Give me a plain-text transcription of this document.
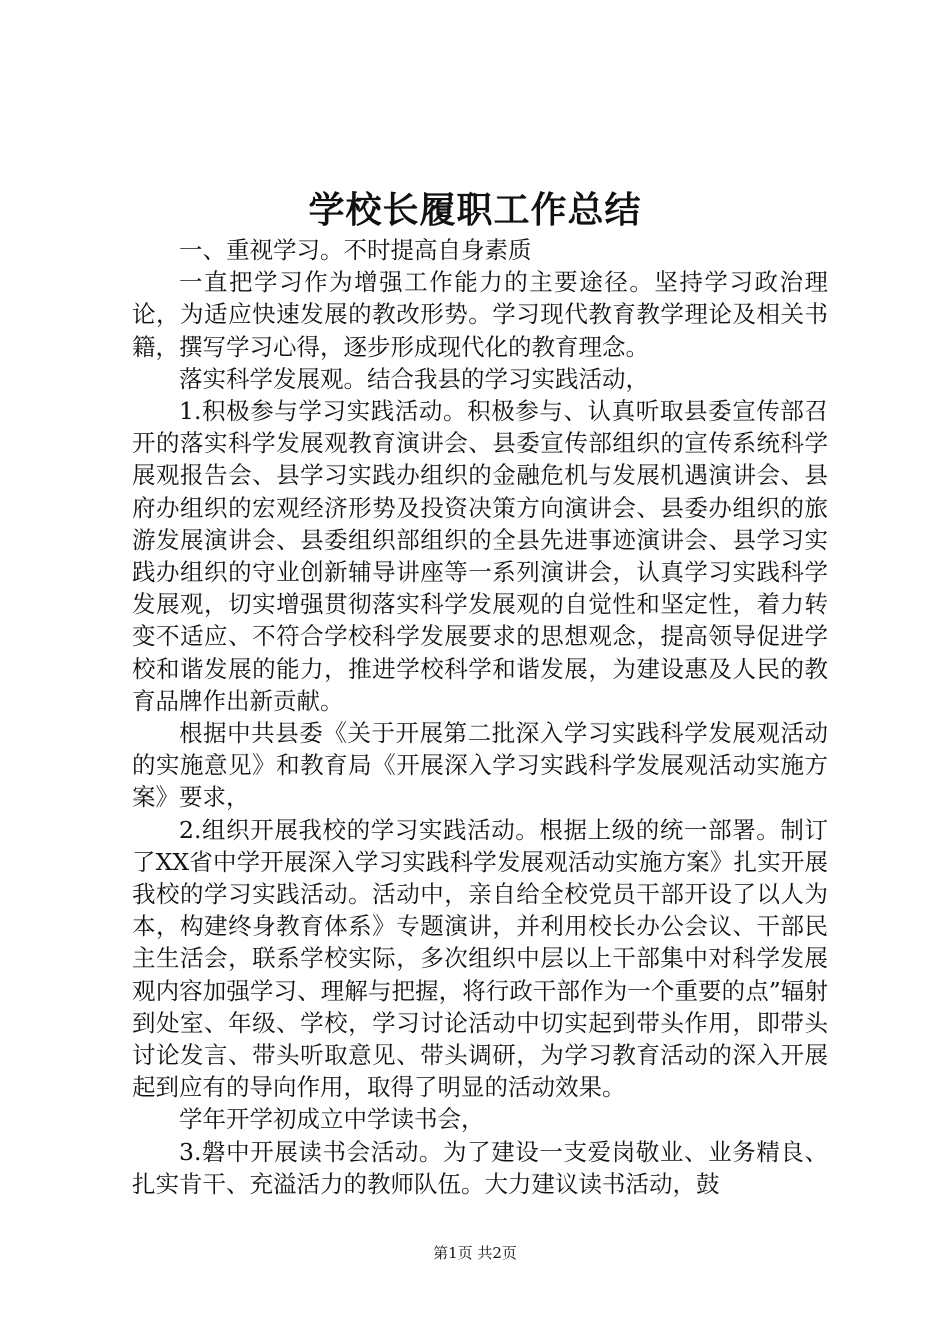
学校长履职工作总结

一、重视学习。不时提高自身素质

一直把学习作为增强工作能力的主要途径。坚持学习政治理论，为适应快速发展的教改形势。学习现代教育教学理论及相关书籍，撰写学习心得，逐步形成现代化的教育理念。

落实科学发展观。结合我县的学习实践活动，

1.积极参与学习实践活动。积极参与、认真听取县委宣传部召开的落实科学发展观教育演讲会、县委宣传部组织的宣传系统科学展观报告会、县学习实践办组织的金融危机与发展机遇演讲会、县府办组织的宏观经济形势及投资决策方向演讲会、县委办组织的旅游发展演讲会、县委组织部组织的全县先进事迹演讲会、县学习实践办组织的守业创新辅导讲座等一系列演讲会，认真学习实践科学发展观，切实增强贯彻落实科学发展观的自觉性和坚定性，着力转变不适应、不符合学校科学发展要求的思想观念，提高领导促进学校和谐发展的能力，推进学校科学和谐发展，为建设惠及人民的教育品牌作出新贡献。

根据中共县委《关于开展第二批深入学习实践科学发展观活动的实施意见》和教育局《开展深入学习实践科学发展观活动实施方案》要求，

2.组织开展我校的学习实践活动。根据上级的统一部署。制订了XX省中学开展深入学习实践科学发展观活动实施方案》扎实开展我校的学习实践活动。活动中，亲自给全校党员干部开设了以人为本，构建终身教育体系》专题演讲，并利用校长办公会议、干部民主生活会，联系学校实际，多次组织中层以上干部集中对科学发展观内容加强学习、理解与把握，将行政干部作为一个重要的点”辐射到处室、年级、学校，学习讨论活动中切实起到带头作用，即带头讨论发言、带头听取意见、带头调研，为学习教育活动的深入开展起到应有的导向作用，取得了明显的活动效果。

学年开学初成立中学读书会，

3.磐中开展读书会活动。为了建设一支爱岗敬业、业务精良、扎实肯干、充溢活力的教师队伍。大力建议读书活动，鼓

第1页 共2页
